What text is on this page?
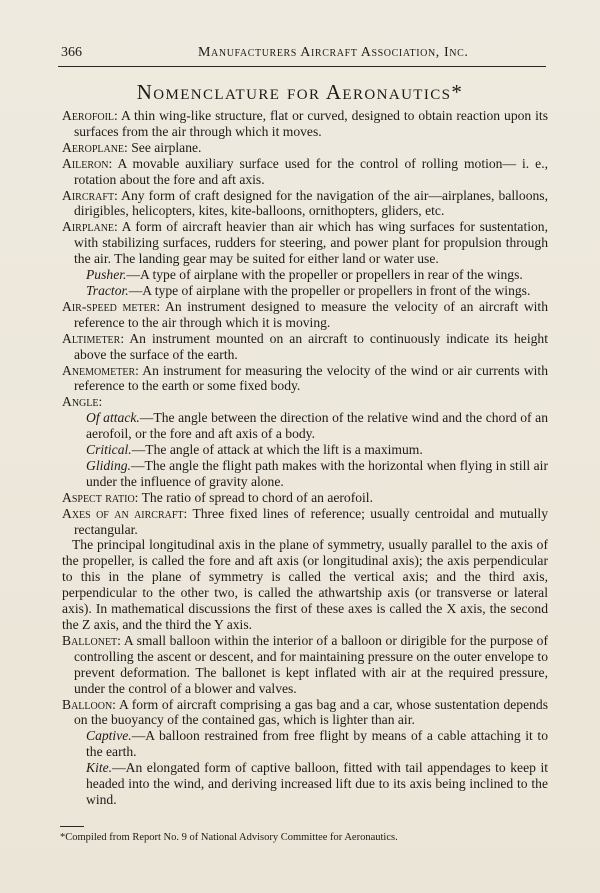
366	Manufacturers Aircraft Association, Inc.
Nomenclature for Aeronautics*

Aerofoil: A thin wing-like structure, flat or curved, designed to obtain reaction upon its surfaces from the air through which it moves.

Aeroplane: See airplane.

Aileron: A movable auxiliary surface used for the control of rolling motion— i. e., rotation about the fore and aft axis.

Aircraft: Any form of craft designed for the navigation of the air—airplanes, balloons, dirigibles, helicopters, kites, kite-balloons, ornithopters, gliders, etc.

Airplane: A form of aircraft heavier than air which has wing surfaces for sustentation, with stabilizing surfaces, rudders for steering, and power plant for propulsion through the air. The landing gear may be suited for either land or water use.

Pusher.—A type of airplane with the propeller or propellers in rear of the wings.

Tractor.—A type of airplane with the propeller or propellers in front of the wings.

Air-speed meter: An instrument designed to measure the velocity of an aircraft with reference to the air through which it is moving.

Altimeter: An instrument mounted on an aircraft to continuously indicate its height above the surface of the earth.

Anemometer: An instrument for measuring the velocity of the wind or air currents with reference to the earth or some fixed body.

Angle:

Of attack.—The angle between the direction of the relative wind and the chord of an aerofoil, or the fore and aft axis of a body.

Critical.—The angle of attack at which the lift is a maximum.

Gliding.—The angle the flight path makes with the horizontal when flying in still air under the influence of gravity alone.

Aspect ratio: The ratio of spread to chord of an aerofoil.

Axes of an aircraft: Three fixed lines of reference; usually centroidal and mutually rectangular.

The principal longitudinal axis in the plane of symmetry, usually parallel to the axis of the propeller, is called the fore and aft axis (or longitudinal axis); the axis perpendicular to this in the plane of symmetry is called the vertical axis; and the third axis, perpendicular to the other two, is called the athwartship axis (or transverse or lateral axis). In mathematical discussions the first of these axes is called the X axis, the second the Z axis, and the third the Y axis.

Ballonet: A small balloon within the interior of a balloon or dirigible for the purpose of controlling the ascent or descent, and for maintaining pressure on the outer envelope to prevent deformation. The ballonet is kept inflated with air at the required pressure, under the control of a blower and valves.

Balloon: A form of aircraft comprising a gas bag and a car, whose sustentation depends on the buoyancy of the contained gas, which is lighter than air.

Captive.—A balloon restrained from free flight by means of a cable attaching it to the earth.

Kite.—An elongated form of captive balloon, fitted with tail appendages to keep it headed into the wind, and deriving increased lift due to its axis being inclined to the wind.

*Compiled from Report No. 9 of National Advisory Committee for Aeronautics.
